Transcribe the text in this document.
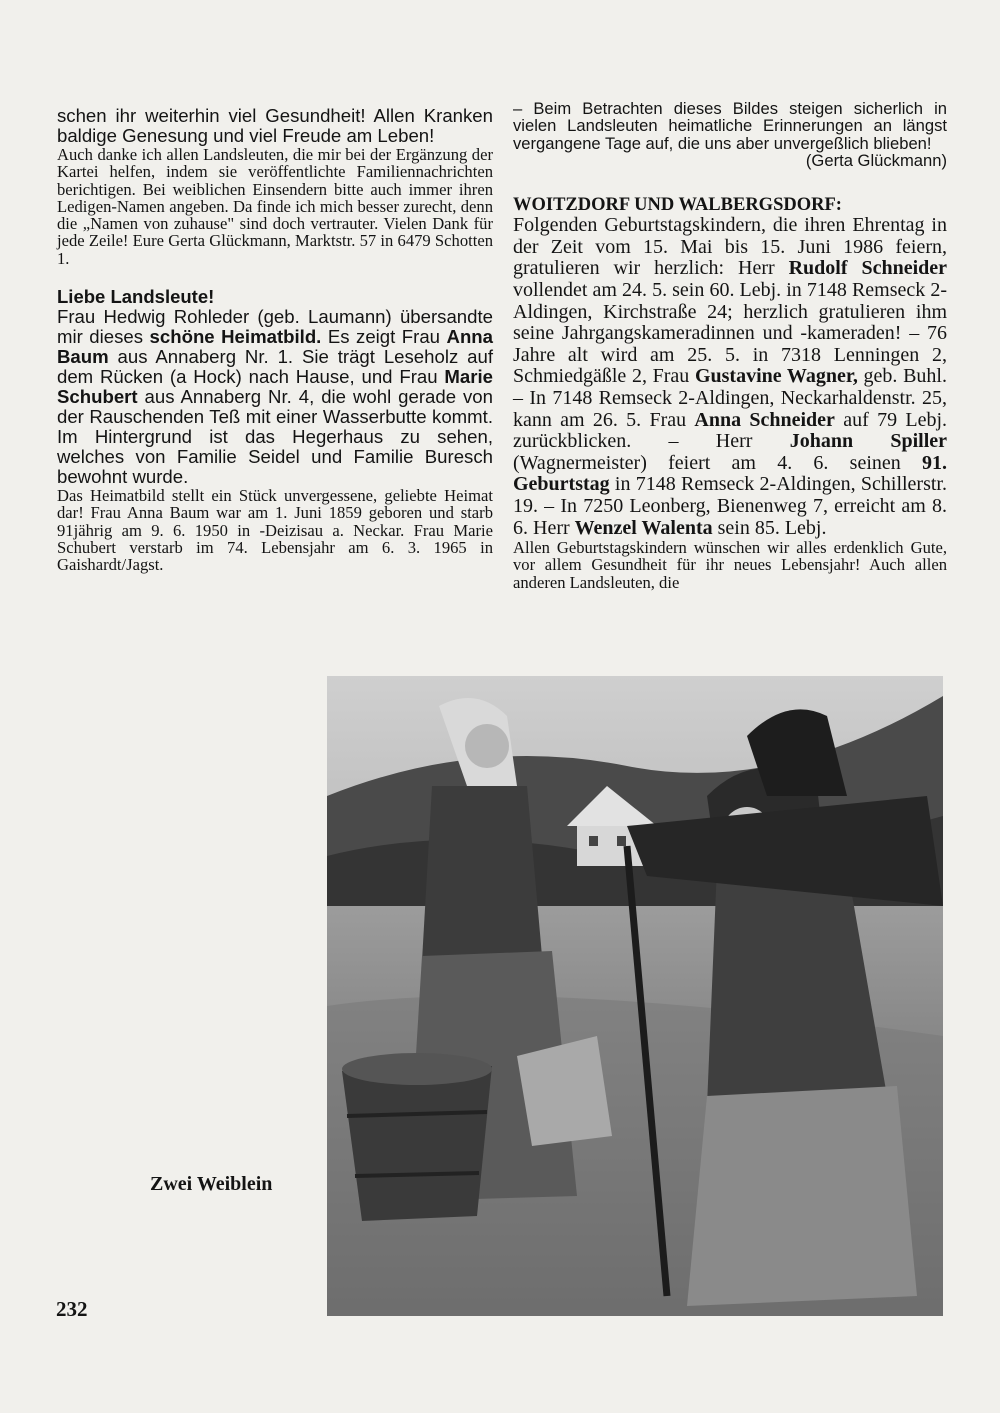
schen ihr weiterhin viel Gesundheit! Allen Kranken baldige Genesung und viel Freude am Leben!

Auch danke ich allen Landsleuten, die mir bei der Ergänzung der Kartei helfen, indem sie veröffentlichte Familiennachrichten berichtigen. Bei weiblichen Einsendern bitte auch immer ihren Ledigen-Namen angeben. Da finde ich mich besser zurecht, denn die „Namen von zuhause" sind doch vertrauter. Vielen Dank für jede Zeile! Eure Gerta Glückmann, Marktstr. 57 in 6479 Schotten 1.

Liebe Landsleute!

Frau Hedwig Rohleder (geb. Laumann) übersandte mir dieses schöne Heimatbild. Es zeigt Frau Anna Baum aus Annaberg Nr. 1. Sie trägt Leseholz auf dem Rücken (a Hock) nach Hause, und Frau Marie Schubert aus Annaberg Nr. 4, die wohl gerade von der Rauschenden Teß mit einer Wasserbutte kommt. Im Hintergrund ist das Hegerhaus zu sehen, welches von Familie Seidel und Familie Buresch bewohnt wurde.

Das Heimatbild stellt ein Stück unvergessene, geliebte Heimat dar! Frau Anna Baum war am 1. Juni 1859 geboren und starb 91jährig am 9. 6. 1950 in -Deizisau a. Neckar. Frau Marie Schubert verstarb im 74. Lebensjahr am 6. 3. 1965 in Gaishardt/Jagst.

– Beim Betrachten dieses Bildes steigen sicherlich in vielen Landsleuten heimatliche Erinnerungen an längst vergangene Tage auf, die uns aber unvergeßlich blieben!
(Gerta Glückmann)

WOITZDORF UND WALBERGSDORF:

Folgenden Geburtstagskindern, die ihren Ehrentag in der Zeit vom 15. Mai bis 15. Juni 1986 feiern, gratulieren wir herzlich: Herr Rudolf Schneider vollendet am 24. 5. sein 60. Lebj. in 7148 Remseck 2-Aldingen, Kirchstraße 24; herzlich gratulieren ihm seine Jahrgangskameradinnen und -kameraden! – 76 Jahre alt wird am 25. 5. in 7318 Lenningen 2, Schmiedgäßle 2, Frau Gustavine Wagner, geb. Buhl. – In 7148 Remseck 2-Aldingen, Neckarhaldenstr. 25, kann am 26. 5. Frau Anna Schneider auf 79 Lebj. zurückblicken. – Herr Johann Spiller (Wagnermeister) feiert am 4. 6. seinen 91. Geburtstag in 7148 Remseck 2-Aldingen, Schillerstr. 19. – In 7250 Leonberg, Bienenweg 7, erreicht am 8. 6. Herr Wenzel Walenta sein 85. Lebj.

Allen Geburtstagskindern wünschen wir alles erdenklich Gute, vor allem Gesundheit für ihr neues Lebensjahr! Auch allen anderen Landsleuten, die

Zwei Weiblein
232
